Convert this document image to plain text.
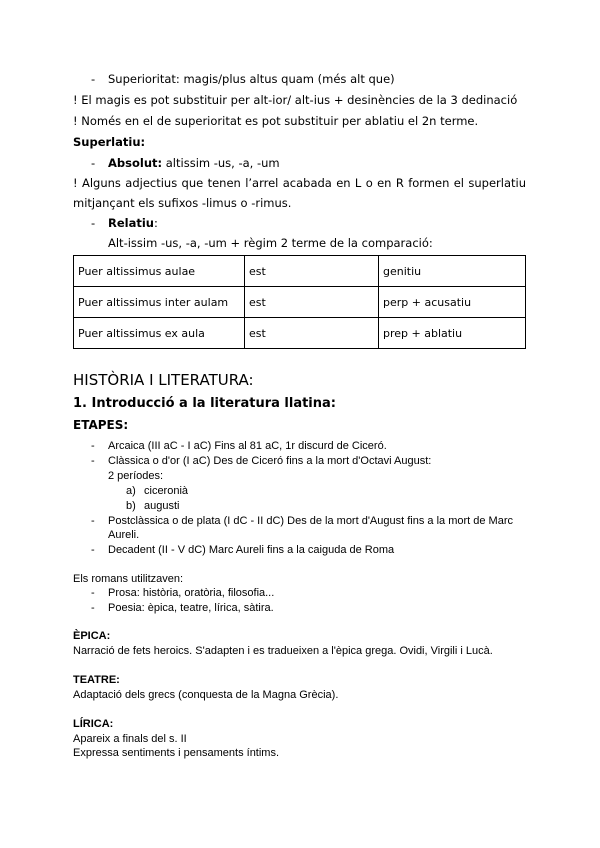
- Superioritat: magis/plus altus quam (més alt que)
! El magis es pot substituir per alt-ior/ alt-ius + desinències de la 3 dedinació
! Només en el de superioritat es pot substituir per ablatiu el 2n terme.
Superlatiu:
- Absolut: altissim -us, -a, -um
! Alguns adjectius que tenen l’arrel acabada en L o en R formen el superlatiu
mitjançant els sufixos -limus o -rimus.
- Relatiu:
Alt-issim -us, -a, -um + règim 2 terme de la comparació:
Puer altissimus aulae	est	genitiu
Puer altissimus inter aulam	est	perp + acusatiu
Puer altissimus ex aula	est	prep + ablatiu
HISTÒRIA I LITERATURA:
1. Introducció a la literatura llatina:
ETAPES:
- Arcaica (III aC - I aC) Fins al 81 aC, 1r discurd de Ciceró.
- Clàssica o d'or (I aC) Des de Ciceró fins a la mort d'Octavi August:
2 períodes:
a) ciceronià
b) augusti
- Postclàssica o de plata (I dC - II dC) Des de la mort d'August fins a la mort de Marc
Aureli.
- Decadent (II - V dC) Marc Aureli fins a la caiguda de Roma
Els romans utilitzaven:
- Prosa: història, oratòria, filosofia...
- Poesia: èpica, teatre, lírica, sàtira.
ÈPICA:
Narració de fets heroics. S'adapten i es tradueixen a l'èpica grega. Ovidi, Virgili i Lucà.
TEATRE:
Adaptació dels grecs (conquesta de la Magna Grècia).
LÍRICA:
Apareix a finals del s. II
Expressa sentiments i pensaments íntims.
